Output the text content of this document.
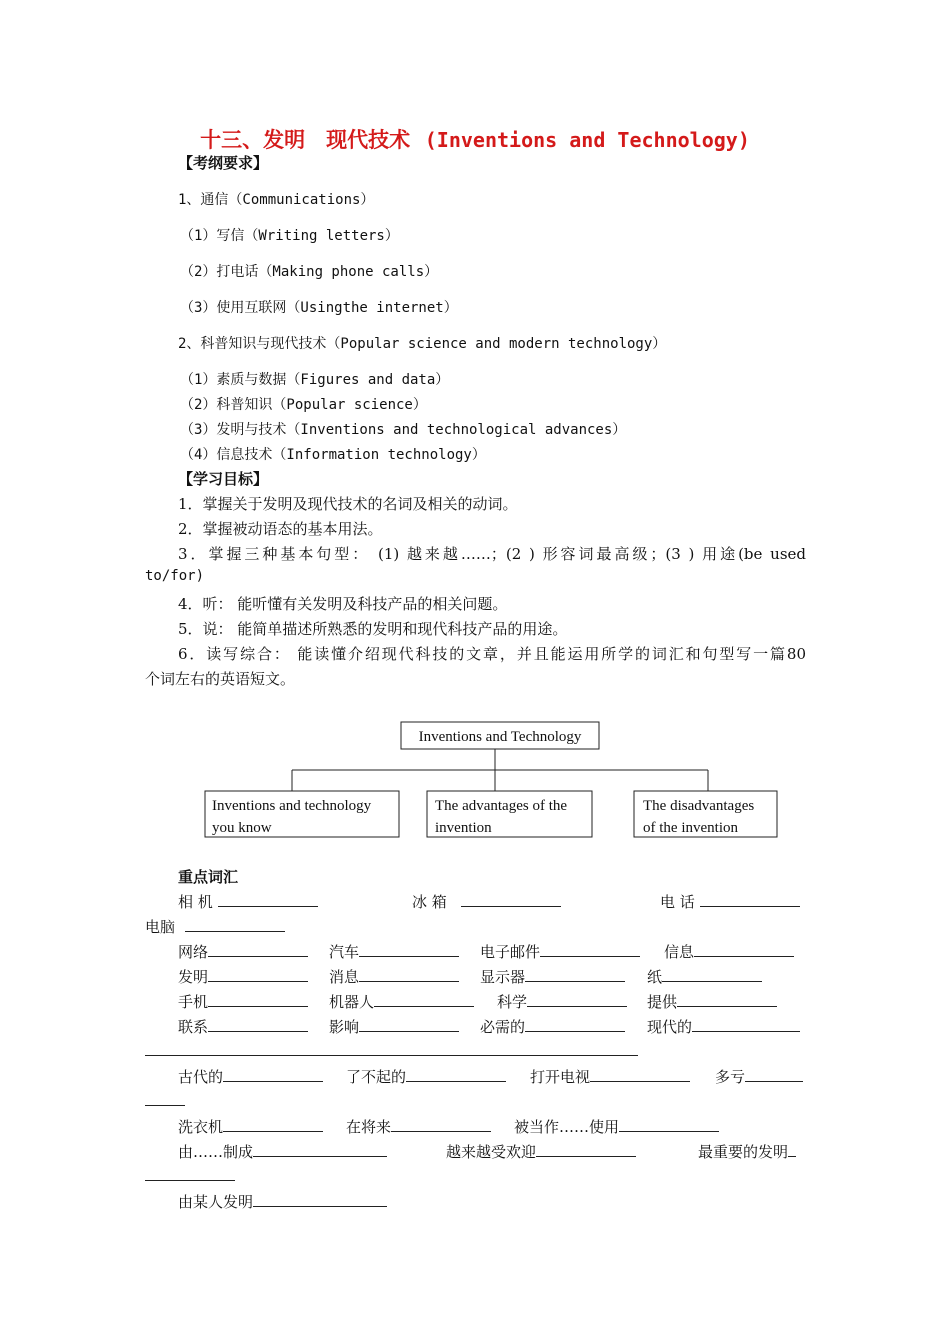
十三、发明　现代技术 (Inventions and Technology)
【考纲要求】
1、通信（Communications）
（1）写信（Writing letters）
（2）打电话（Making phone calls）
（3）使用互联网（Usingthe internet）
2、科普知识与现代技术（Popular science and modern technology）
（1）素质与数据（Figures and data）
（2）科普知识（Popular science）
（3）发明与技术（Inventions and technological advances）
（4）信息技术（Information technology）
【学习目标】
1．掌握关于发明及现代技术的名词及相关的动词。
2．掌握被动语态的基本用法。
3．掌握三种基本句型： (1) 越来越……；(2 ) 形容词最高级；(3 ) 用途(be used
to/for)
4．听： 能听懂有关发明及科技产品的相关问题。
5．说： 能简单描述所熟悉的发明和现代科技产品的用途。
6．读写综合： 能读懂介绍现代科技的文章，并且能运用所学的词汇和句型写一篇80
个词左右的英语短文。
Inventions and Technology
Inventions and technology
you know
The advantages of the
invention
The disadvantages
of the invention
重点词汇
相 机	冰 箱	电 话
电脑
网络	汽车	电子邮件	信息
发明	消息	显示器	纸
手机	机器人	科学	提供
联系	影响	必需的	现代的
古代的	了不起的	打开电视	多亏
洗衣机	在将来	被当作……使用
由……制成	越来越受欢迎	最重要的发明
由某人发明
